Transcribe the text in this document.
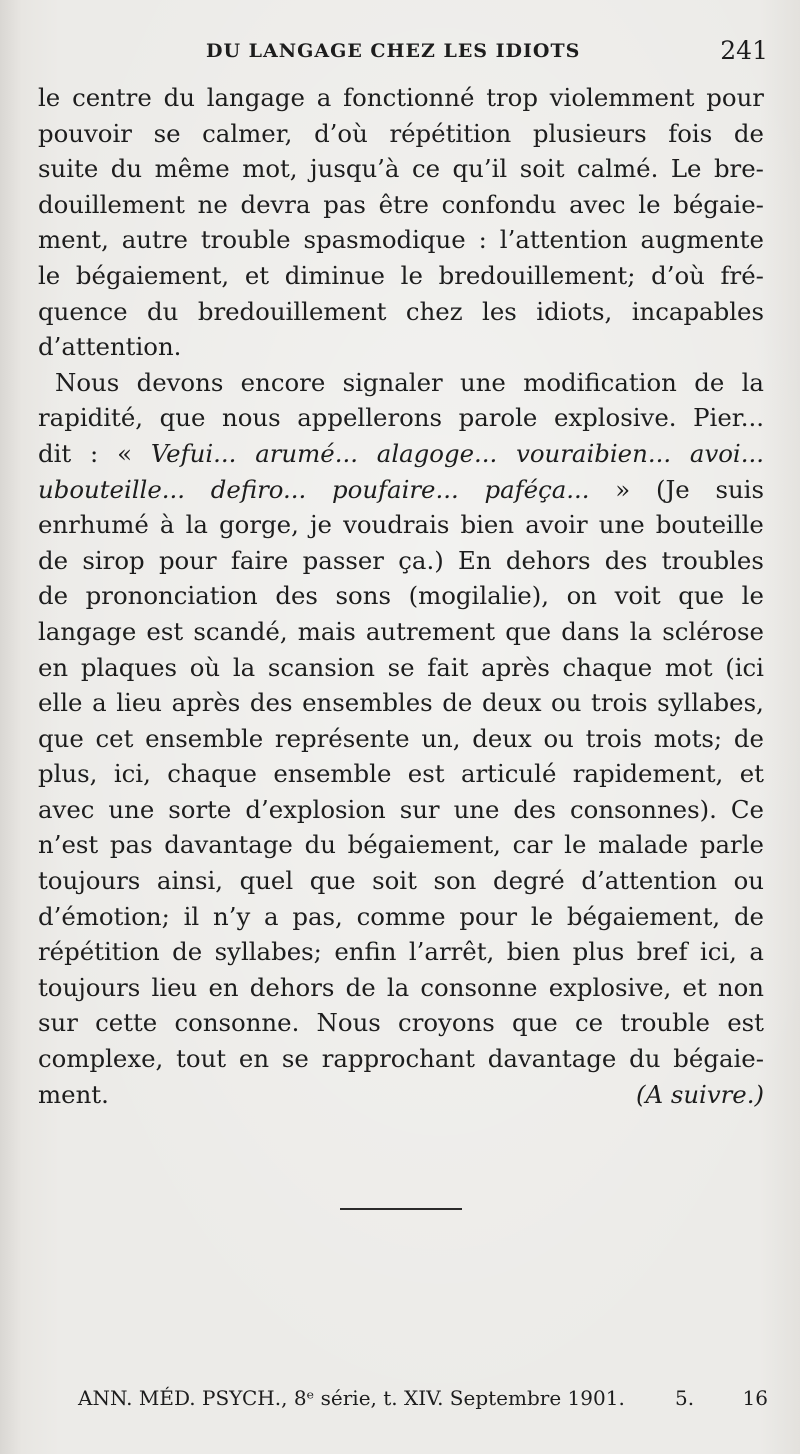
DU LANGAGE CHEZ LES IDIOTS	241
le centre du langage a fonctionné trop violemment pour
pouvoir se calmer, d’où répétition plusieurs fois de
suite du même mot, jusqu’à ce qu’il soit calmé. Le bre-
douillement ne devra pas être confondu avec le bégaie-
ment, autre trouble spasmodique : l’attention augmente
le bégaiement, et diminue le bredouillement; d’où fré-
quence du bredouillement chez les idiots, incapables
d’attention.
Nous devons encore signaler une modification de la
rapidité, que nous appellerons parole explosive. Pier...
dit : « Vefui... arumé... alagoge... vouraibien... avoi...
ubouteille... defiro... poufaire... paféça... » (Je suis
enrhumé à la gorge, je voudrais bien avoir une bouteille
de sirop pour faire passer ça.) En dehors des troubles
de prononciation des sons (mogilalie), on voit que le
langage est scandé, mais autrement que dans la sclérose
en plaques où la scansion se fait après chaque mot (ici
elle a lieu après des ensembles de deux ou trois syllabes,
que cet ensemble représente un, deux ou trois mots; de
plus, ici, chaque ensemble est articulé rapidement, et
avec une sorte d’explosion sur une des consonnes). Ce
n’est pas davantage du bégaiement, car le malade parle
toujours ainsi, quel que soit son degré d’attention ou
d’émotion; il n’y a pas, comme pour le bégaiement, de
répétition de syllabes; enfin l’arrêt, bien plus bref ici, a
toujours lieu en dehors de la consonne explosive, et non
sur cette consonne. Nous croyons que ce trouble est
complexe, tout en se rapprochant davantage du bégaie-
ment.	(A suivre.)
ANN. MÉD. PSYCH., 8ᵉ série, t. XIV. Septembre 1901.	5. 16
